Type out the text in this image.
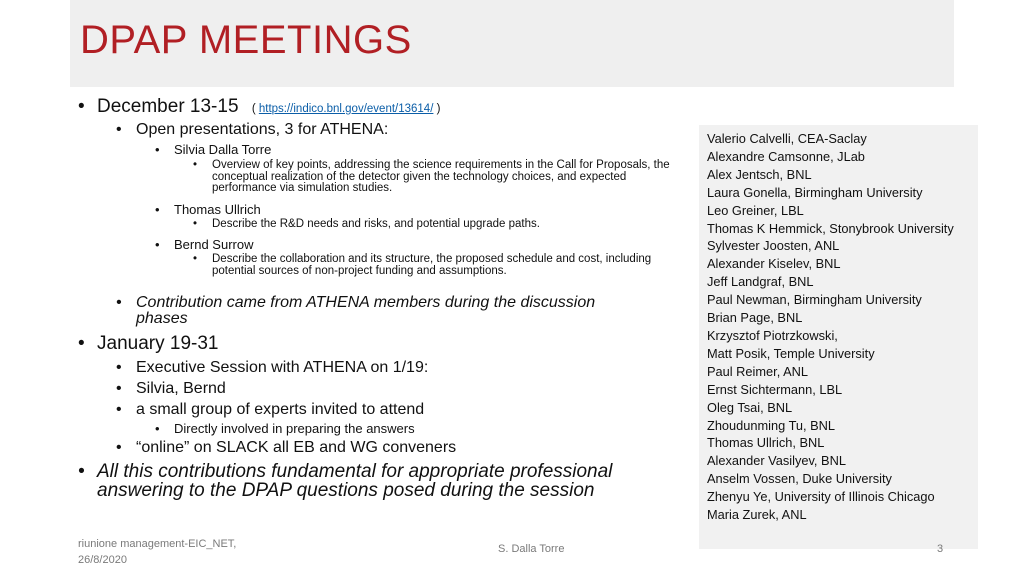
DPAP MEETINGS
• December 13-15 ( https://indico.bnl.gov/event/13614/ )
• Open presentations, 3 for ATHENA:
• Silvia Dalla Torre
• Overview of key points, addressing the science requirements in the Call for Proposals, the conceptual realization of the detector given the technology choices, and expected performance via simulation studies.
• Thomas Ullrich
• Describe the R&D needs and risks, and potential upgrade paths.
• Bernd Surrow
• Describe the collaboration and its structure, the proposed schedule and cost, including potential sources of non-project funding and assumptions.
• Contribution came from ATHENA members during the discussion phases
• January 19-31
• Executive Session with ATHENA on 1/19:
• Silvia, Bernd
• a small group of experts invited to attend
• Directly involved in preparing the answers
• “online” on SLACK all EB and WG conveners
• All this contributions fundamental for appropriate professional answering to the DPAP questions posed during the session
Valerio Calvelli, CEA-Saclay
Alexandre Camsonne, JLab
Alex Jentsch, BNL
Laura Gonella, Birmingham University
Leo Greiner, LBL
Thomas K Hemmick, Stonybrook University
Sylvester Joosten, ANL
Alexander Kiselev, BNL
Jeff Landgraf, BNL
Paul Newman, Birmingham University
Brian Page, BNL
Krzysztof Piotrzkowski,
Matt Posik, Temple University
Paul Reimer, ANL
Ernst Sichtermann, LBL
Oleg Tsai, BNL
Zhoudunming Tu, BNL
Thomas Ullrich, BNL
Alexander Vasilyev, BNL
Anselm Vossen, Duke University
Zhenyu Ye, University of Illinois Chicago
Maria Zurek, ANL
riunione management-EIC_NET, 26/8/2020
S. Dalla Torre	3
